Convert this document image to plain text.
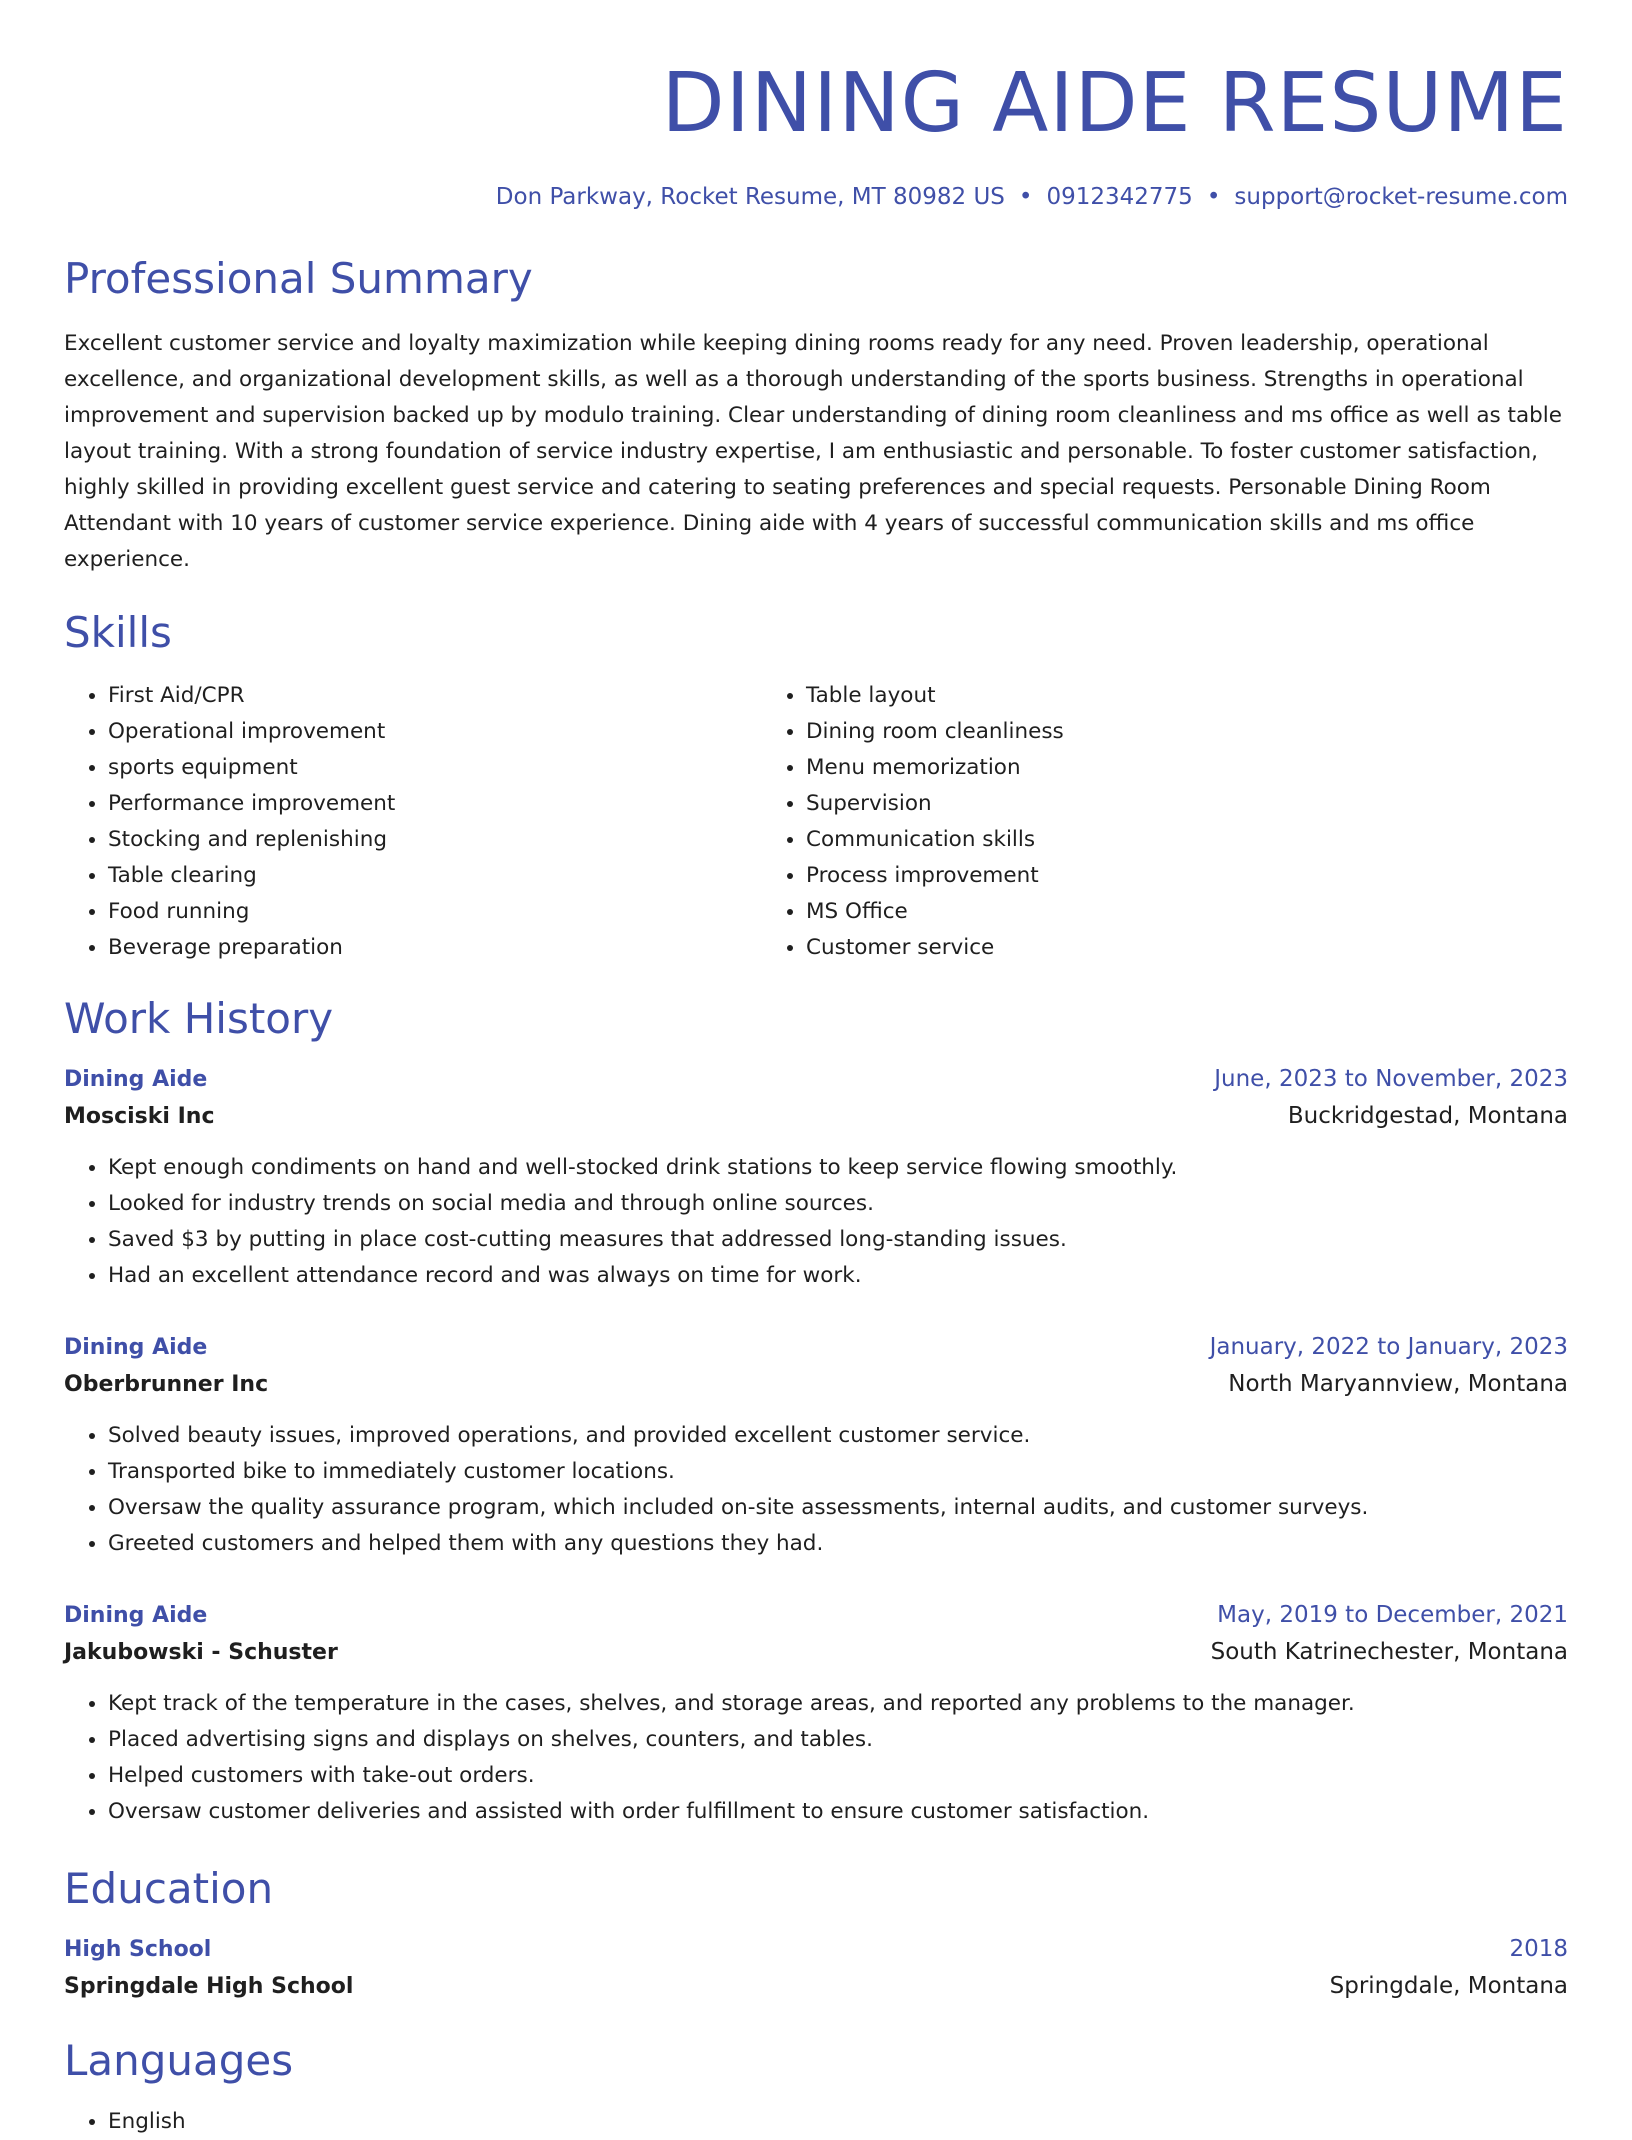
DINING AIDE RESUME
Don Parkway, Rocket Resume, MT 80982 US • 0912342775 • support@rocket-resume.com
Professional Summary

Excellent customer service and loyalty maximization while keeping dining rooms ready for any need. Proven leadership, operational excellence, and organizational development skills, as well as a thorough understanding of the sports business. Strengths in operational improvement and supervision backed up by modulo training. Clear understanding of dining room cleanliness and ms office as well as table layout training. With a strong foundation of service industry expertise, I am enthusiastic and personable. To foster customer satisfaction, highly skilled in providing excellent guest service and catering to seating preferences and special requests. Personable Dining Room Attendant with 10 years of customer service experience. Dining aide with 4 years of successful communication skills and ms office experience.

Skills
• First Aid/CPR
• Operational improvement
• sports equipment
• Performance improvement
• Stocking and replenishing
• Table clearing
• Food running
• Beverage preparation
• Table layout
• Dining room cleanliness
• Menu memorization
• Supervision
• Communication skills
• Process improvement
• MS Office
• Customer service
Work History
Dining Aide	June, 2023 to November, 2023
Mosciski Inc	Buckridgestad, Montana
• Kept enough condiments on hand and well-stocked drink stations to keep service flowing smoothly.
• Looked for industry trends on social media and through online sources.
• Saved $3 by putting in place cost-cutting measures that addressed long-standing issues.
• Had an excellent attendance record and was always on time for work.
Dining Aide	January, 2022 to January, 2023
Oberbrunner Inc	North Maryannview, Montana
• Solved beauty issues, improved operations, and provided excellent customer service.
• Transported bike to immediately customer locations.
• Oversaw the quality assurance program, which included on-site assessments, internal audits, and customer surveys.
• Greeted customers and helped them with any questions they had.
Dining Aide	May, 2019 to December, 2021
Jakubowski - Schuster	South Katrinechester, Montana
• Kept track of the temperature in the cases, shelves, and storage areas, and reported any problems to the manager.
• Placed advertising signs and displays on shelves, counters, and tables.
• Helped customers with take-out orders.
• Oversaw customer deliveries and assisted with order fulfillment to ensure customer satisfaction.
Education
High School	2018
Springdale High School	Springdale, Montana
Languages
• English
